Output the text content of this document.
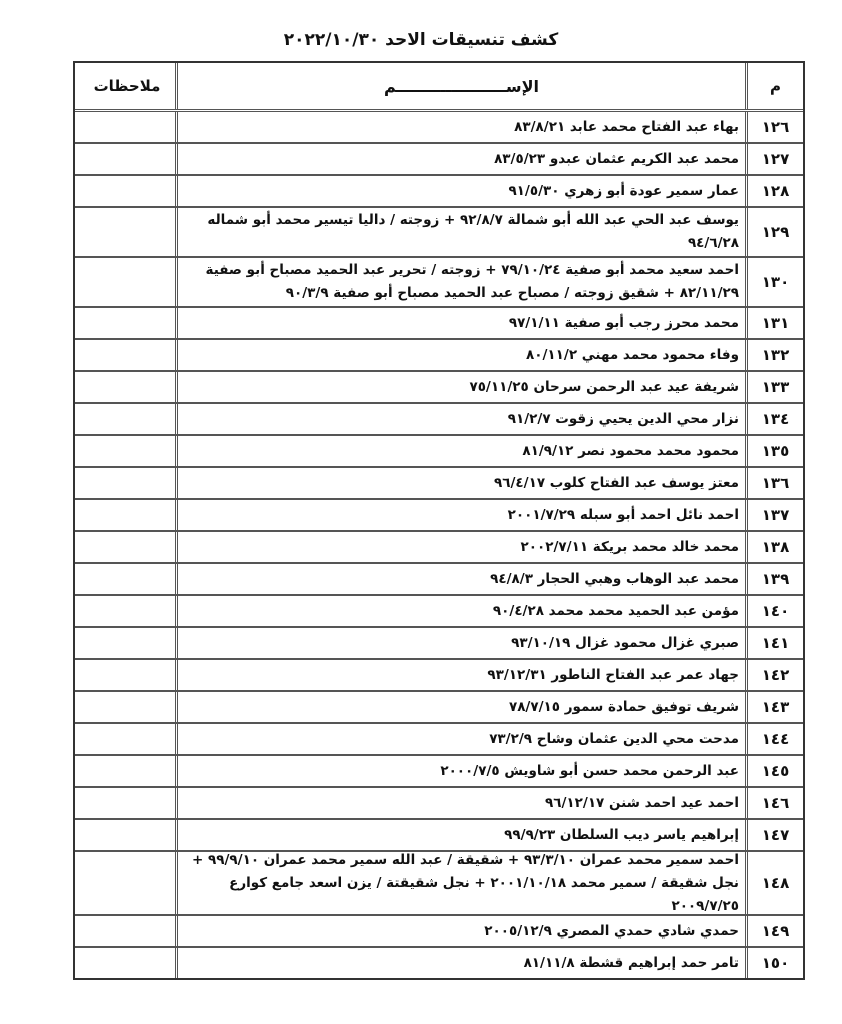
كشف تنسيقات الاحد ٢٠٢٢/١٠/٣٠
م
الإســــــــــــــــــــم
ملاحظات
١٢٦
بهاء عبد الفتاح محمد عابد ٨٣/٨/٢١
١٢٧
محمد عبد الكريم عثمان عبدو ٨٣/٥/٢٣
١٢٨
عمار سمير عودة أبو زهري ٩١/٥/٣٠
١٢٩
يوسف عبد الحي عبد الله أبو شمالة ٩٢/٨/٧ + زوجته / داليا تيسير محمد أبو شماله ٩٤/٦/٢٨
١٣٠
احمد سعيد محمد أبو صفية ٧٩/١٠/٢٤ + زوجته / تحرير عبد الحميد مصباح أبو صفية ٨٢/١١/٢٩ + شقيق زوجته / مصباح عبد الحميد مصباح أبو صفية ٩٠/٣/٩
١٣١
محمد محرز رجب أبو صفية ٩٧/١/١١
١٣٢
وفاء محمود محمد مهني ٨٠/١١/٢
١٣٣
شريفة عيد عبد الرحمن سرحان ٧٥/١١/٢٥
١٣٤
نزار محي الدين يحيي زقوت ٩١/٢/٧
١٣٥
محمود محمد محمود نصر ٨١/٩/١٢
١٣٦
معتز يوسف عبد الفتاح كلوب ٩٦/٤/١٧
١٣٧
احمد نائل احمد أبو سبله ٢٠٠١/٧/٢٩
١٣٨
محمد خالد محمد بريكة ٢٠٠٢/٧/١١
١٣٩
محمد عبد الوهاب وهبي الحجار ٩٤/٨/٣
١٤٠
مؤمن عبد الحميد محمد محمد ٩٠/٤/٢٨
١٤١
صبري غزال محمود غزال ٩٣/١٠/١٩
١٤٢
جهاد عمر عبد الفتاح الناطور ٩٣/١٢/٣١
١٤٣
شريف توفيق حمادة سمور ٧٨/٧/١٥
١٤٤
مدحت محي الدين عثمان وشاح ٧٣/٢/٩
١٤٥
عبد الرحمن محمد حسن أبو شاويش ٢٠٠٠/٧/٥
١٤٦
احمد عيد احمد شنن ٩٦/١٢/١٧
١٤٧
إبراهيم ياسر ديب السلطان ٩٩/٩/٢٣
١٤٨
احمد سمير محمد عمران ٩٣/٣/١٠ + شقيقة / عبد الله سمير محمد عمران ٩٩/٩/١٠ + نجل شقيقة / سمير محمد ٢٠٠١/١٠/١٨ + نجل شقيقتة / يزن اسعد جامع كوارع ٢٠٠٩/٧/٢٥
١٤٩
حمدي شادي حمدي المصري ٢٠٠٥/١٢/٩
١٥٠
تامر حمد إبراهيم قشطة ٨١/١١/٨
